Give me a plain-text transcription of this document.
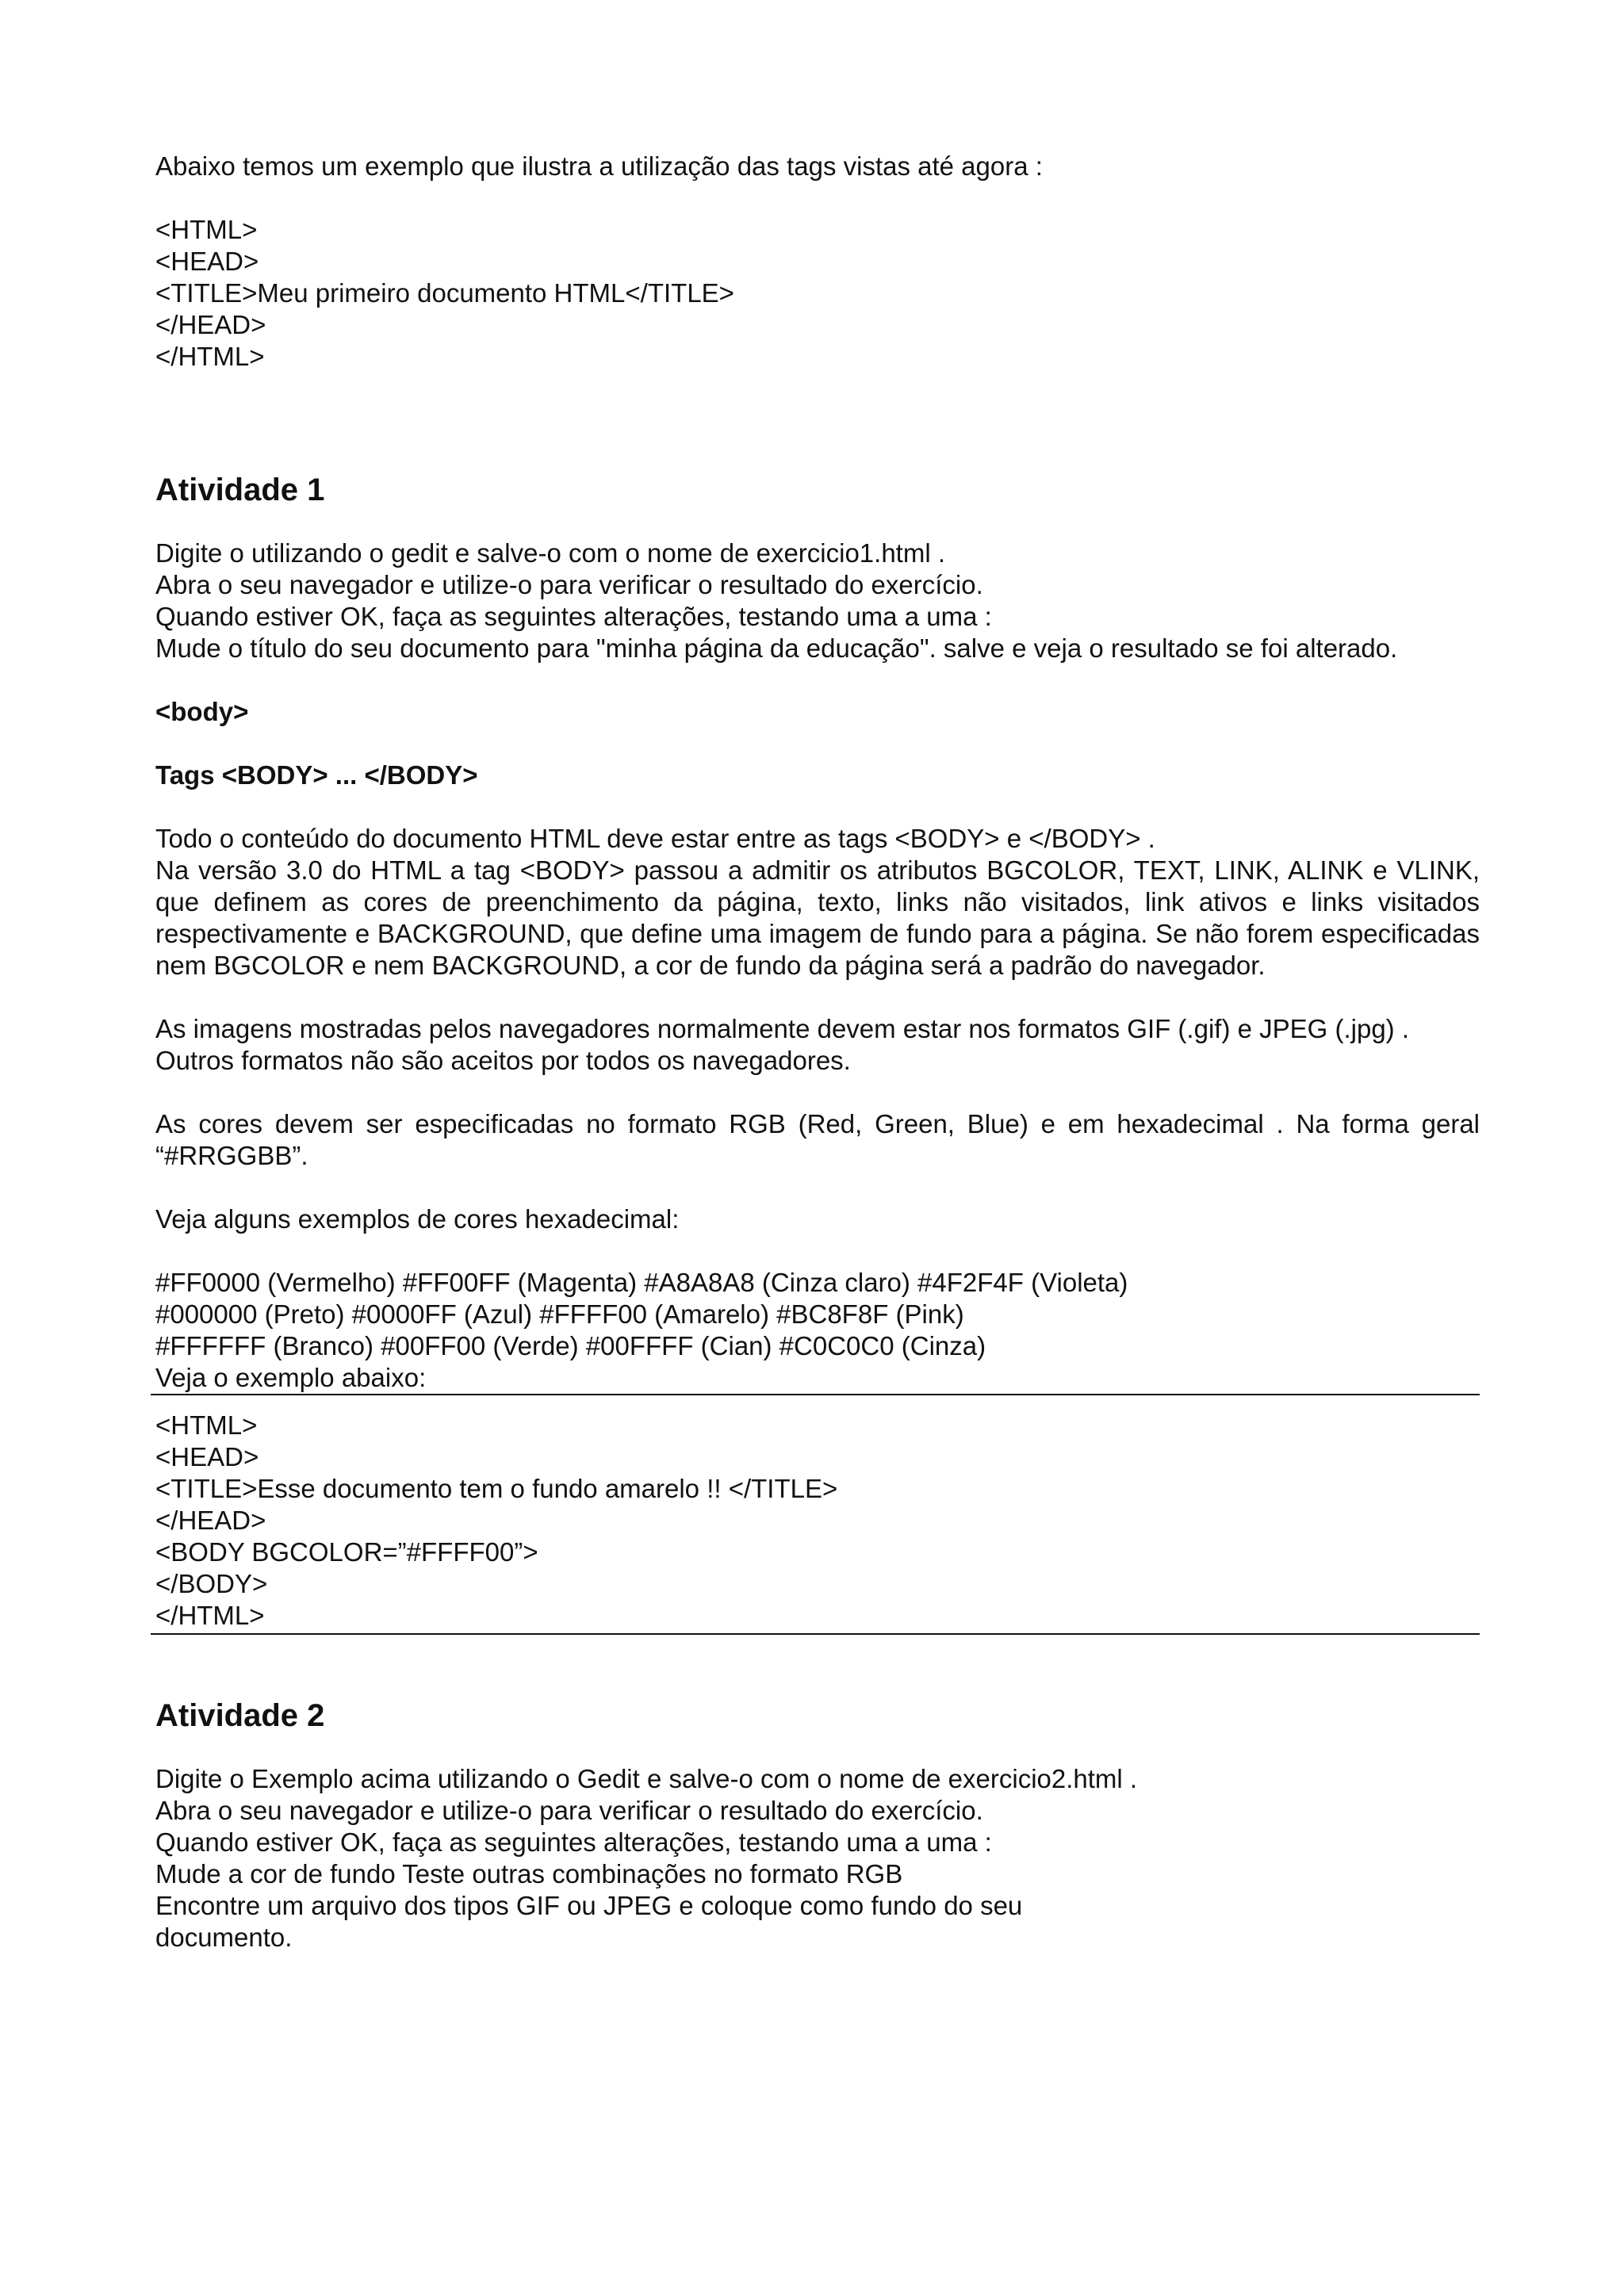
Abaixo temos um exemplo que ilustra a utilização das tags vistas até agora :
<HTML>
<HEAD>
<TITLE>Meu primeiro documento HTML</TITLE>
</HEAD>
</HTML>
Atividade 1
Digite o utilizando o gedit e salve-o com o nome de exercicio1.html .
Abra o seu navegador e utilize-o para verificar o resultado do exercício.
Quando estiver OK, faça as seguintes alterações, testando uma a uma :
Mude o título do seu documento para "minha página da educação". salve e veja o resultado se foi alterado.
<body>
Tags <BODY> ... </BODY>
Todo o conteúdo do documento HTML deve estar entre as tags <BODY> e </BODY> .
Na versão 3.0 do HTML a tag <BODY> passou a admitir os atributos BGCOLOR, TEXT, LINK, ALINK e VLINK, que definem as cores de preenchimento da página, texto, links não visitados, link ativos e links visitados respectivamente e BACKGROUND, que define uma imagem de fundo para a página. Se não forem especificadas nem BGCOLOR e nem BACKGROUND, a cor de fundo da página será a padrão do navegador.
As imagens mostradas pelos navegadores normalmente devem estar nos formatos GIF (.gif) e JPEG (.jpg) .
Outros formatos não são aceitos por todos os navegadores.
As cores devem ser especificadas no formato RGB (Red, Green, Blue) e em hexadecimal . Na forma geral “#RRGGBB”.
Veja alguns exemplos de cores hexadecimal:
#FF0000 (Vermelho) #FF00FF (Magenta) #A8A8A8 (Cinza claro) #4F2F4F (Violeta)
#000000 (Preto) #0000FF (Azul) #FFFF00 (Amarelo) #BC8F8F (Pink)
#FFFFFF (Branco) #00FF00 (Verde) #00FFFF (Cian) #C0C0C0 (Cinza)
Veja o exemplo abaixo:
<HTML>
<HEAD>
<TITLE>Esse documento tem o fundo amarelo !! </TITLE>
</HEAD>
<BODY BGCOLOR=”#FFFF00”>
</BODY>
</HTML>
Atividade 2
Digite o Exemplo acima utilizando o Gedit e salve-o com o nome de exercicio2.html .
Abra o seu navegador e utilize-o para verificar o resultado do exercício.
Quando estiver OK, faça as seguintes alterações, testando uma a uma :
Mude a cor de fundo Teste outras combinações no formato RGB
Encontre um arquivo dos tipos GIF ou JPEG e coloque como fundo do seu
documento.
